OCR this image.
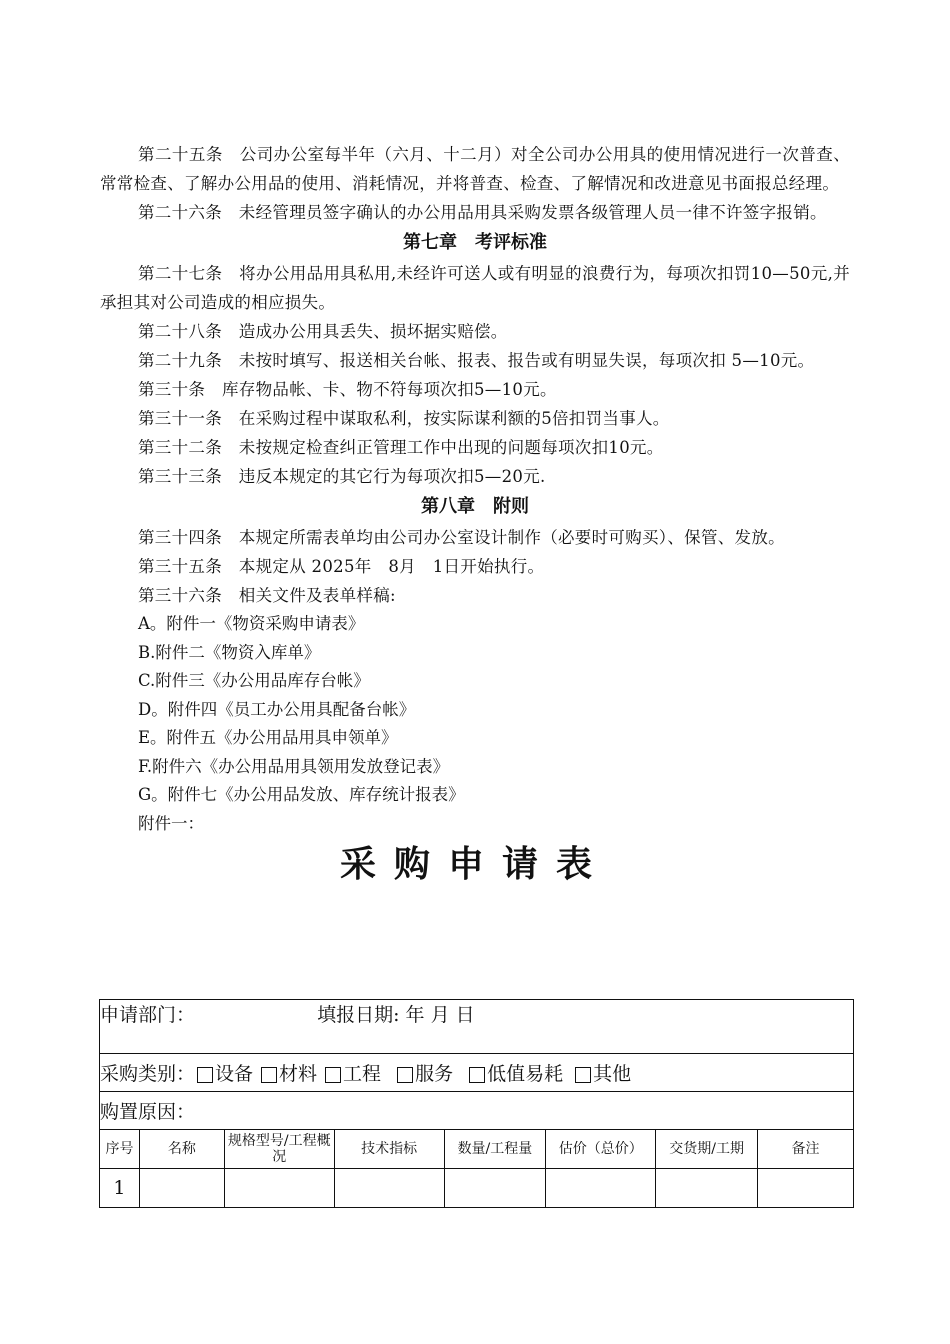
第二十五条　公司办公室每半年（六月、十二月）对全公司办公用具的使用情况进行一次普查、常常检查、了解办公用品的使用、消耗情况，并将普查、检查、了解情况和改进意见书面报总经理。

第二十六条　未经管理员签字确认的办公用品用具采购发票各级管理人员一律不许签字报销。

第七章　考评标准

第二十七条　将办公用品用具私用,未经许可送人或有明显的浪费行为，每项次扣罚10—50元,并承担其对公司造成的相应损失。

第二十八条　造成办公用具丢失、损坏据实赔偿。

第二十九条　未按时填写、报送相关台帐、报表、报告或有明显失误，每项次扣 5—10元。

第三十条　库存物品帐、卡、物不符每项次扣5—10元。

第三十一条　在采购过程中谋取私利，按实际谋利额的5倍扣罚当事人。

第三十二条　未按规定检查纠正管理工作中出现的问题每项次扣10元。

第三十三条　违反本规定的其它行为每项次扣5—20元.

第八章　附则

第三十四条　本规定所需表单均由公司办公室设计制作（必要时可购买）、保管、发放。

第三十五条　本规定从 2025年　8月　1日开始执行。

第三十六条　相关文件及表单样稿:

A。附件一《物资采购申请表》

B.附件二《物资入库单》

C.附件三《办公用品库存台帐》

D。附件四《员工办公用具配备台帐》

E。附件五《办公用品用具申领单》

F.附件六《办公用品用具领用发放登记表》

G。附件七《办公用品发放、库存统计报表》

附件一：

采购申请表
申请部门： 填报日期: 年 月 日							
采购类别： 设备 材料 工程 服务 低值易耗 其他							
购置原因：							
序号	名称	规格型号/工程概况	技术指标	数量/工程量	估价（总价）	交货期/工期	备注
1							
